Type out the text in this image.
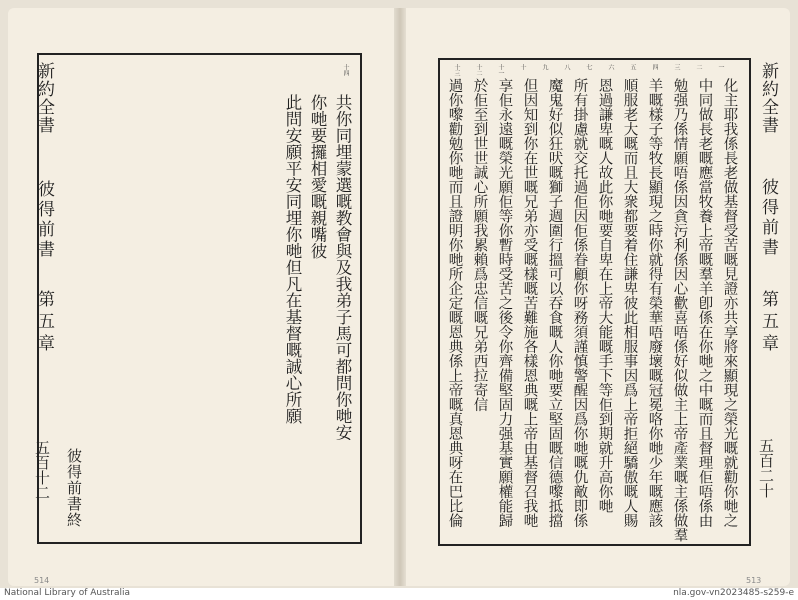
新約全書
彼得前書
第五章
五百十二 彼得前書終
十四
此問安願平安同埋你哋但凡在基督嘅誠心所願 你哋要攞相愛嘅親嘴彼 共你同埋蒙選嘅教會與及我弟子馬可都問你哋安	新約全書
彼得前書
第五章
五百二十
十三	十二	十一	十	九	八	七	六	五	四	三	二	一
過你嚟勸勉你哋而且證明你哋所企定嘅恩典係上帝嘅真恩典呀在巴比倫 於佢至到世世誠心所願我累賴爲忠信嘅兄弟西拉寄信 享佢永遠嘅榮光願佢等你暫時受苦之後令你齊備堅固力强基實願權能歸 但因知到你在世嘅兄弟亦受嘅樣嘅苦難施各樣恩典嘅上帝由基督召我哋 魔鬼好似狂吠嘅獅子週圍行搵可以吞食嘅人你哋要立堅固嘅信德嚟抵擋 所有掛慮就交托過佢因佢係眷顧你呀務須謹慎警醒因爲你哋嘅仇敵即係 恩過謙卑嘅人故此你哋要自卑在上帝大能嘅手下等佢到期就升高你哋 順服老大嘅而且大衆都要着住謙卑彼此相服事因爲上帝拒絕驕傲嘅人賜 羊嘅樣子等牧長顯現之時你就得有榮華唔廢壞嘅冠冕咯你哋少年嘅應該 勉强乃係情願唔係因貪污利係因心歡喜唔係好似做主上帝產業嘅主係做羣 中同做長老嘅應當牧養上帝嘅羣羊卽係在你哋之中嘅而且督理佢唔係由 化主耶我係長老做基督受苦嘅見證亦共享將來顯現之榮光嘅就勸你哋之
514	513
National Library of Australia	nla.gov-vn2023485-s259-e
